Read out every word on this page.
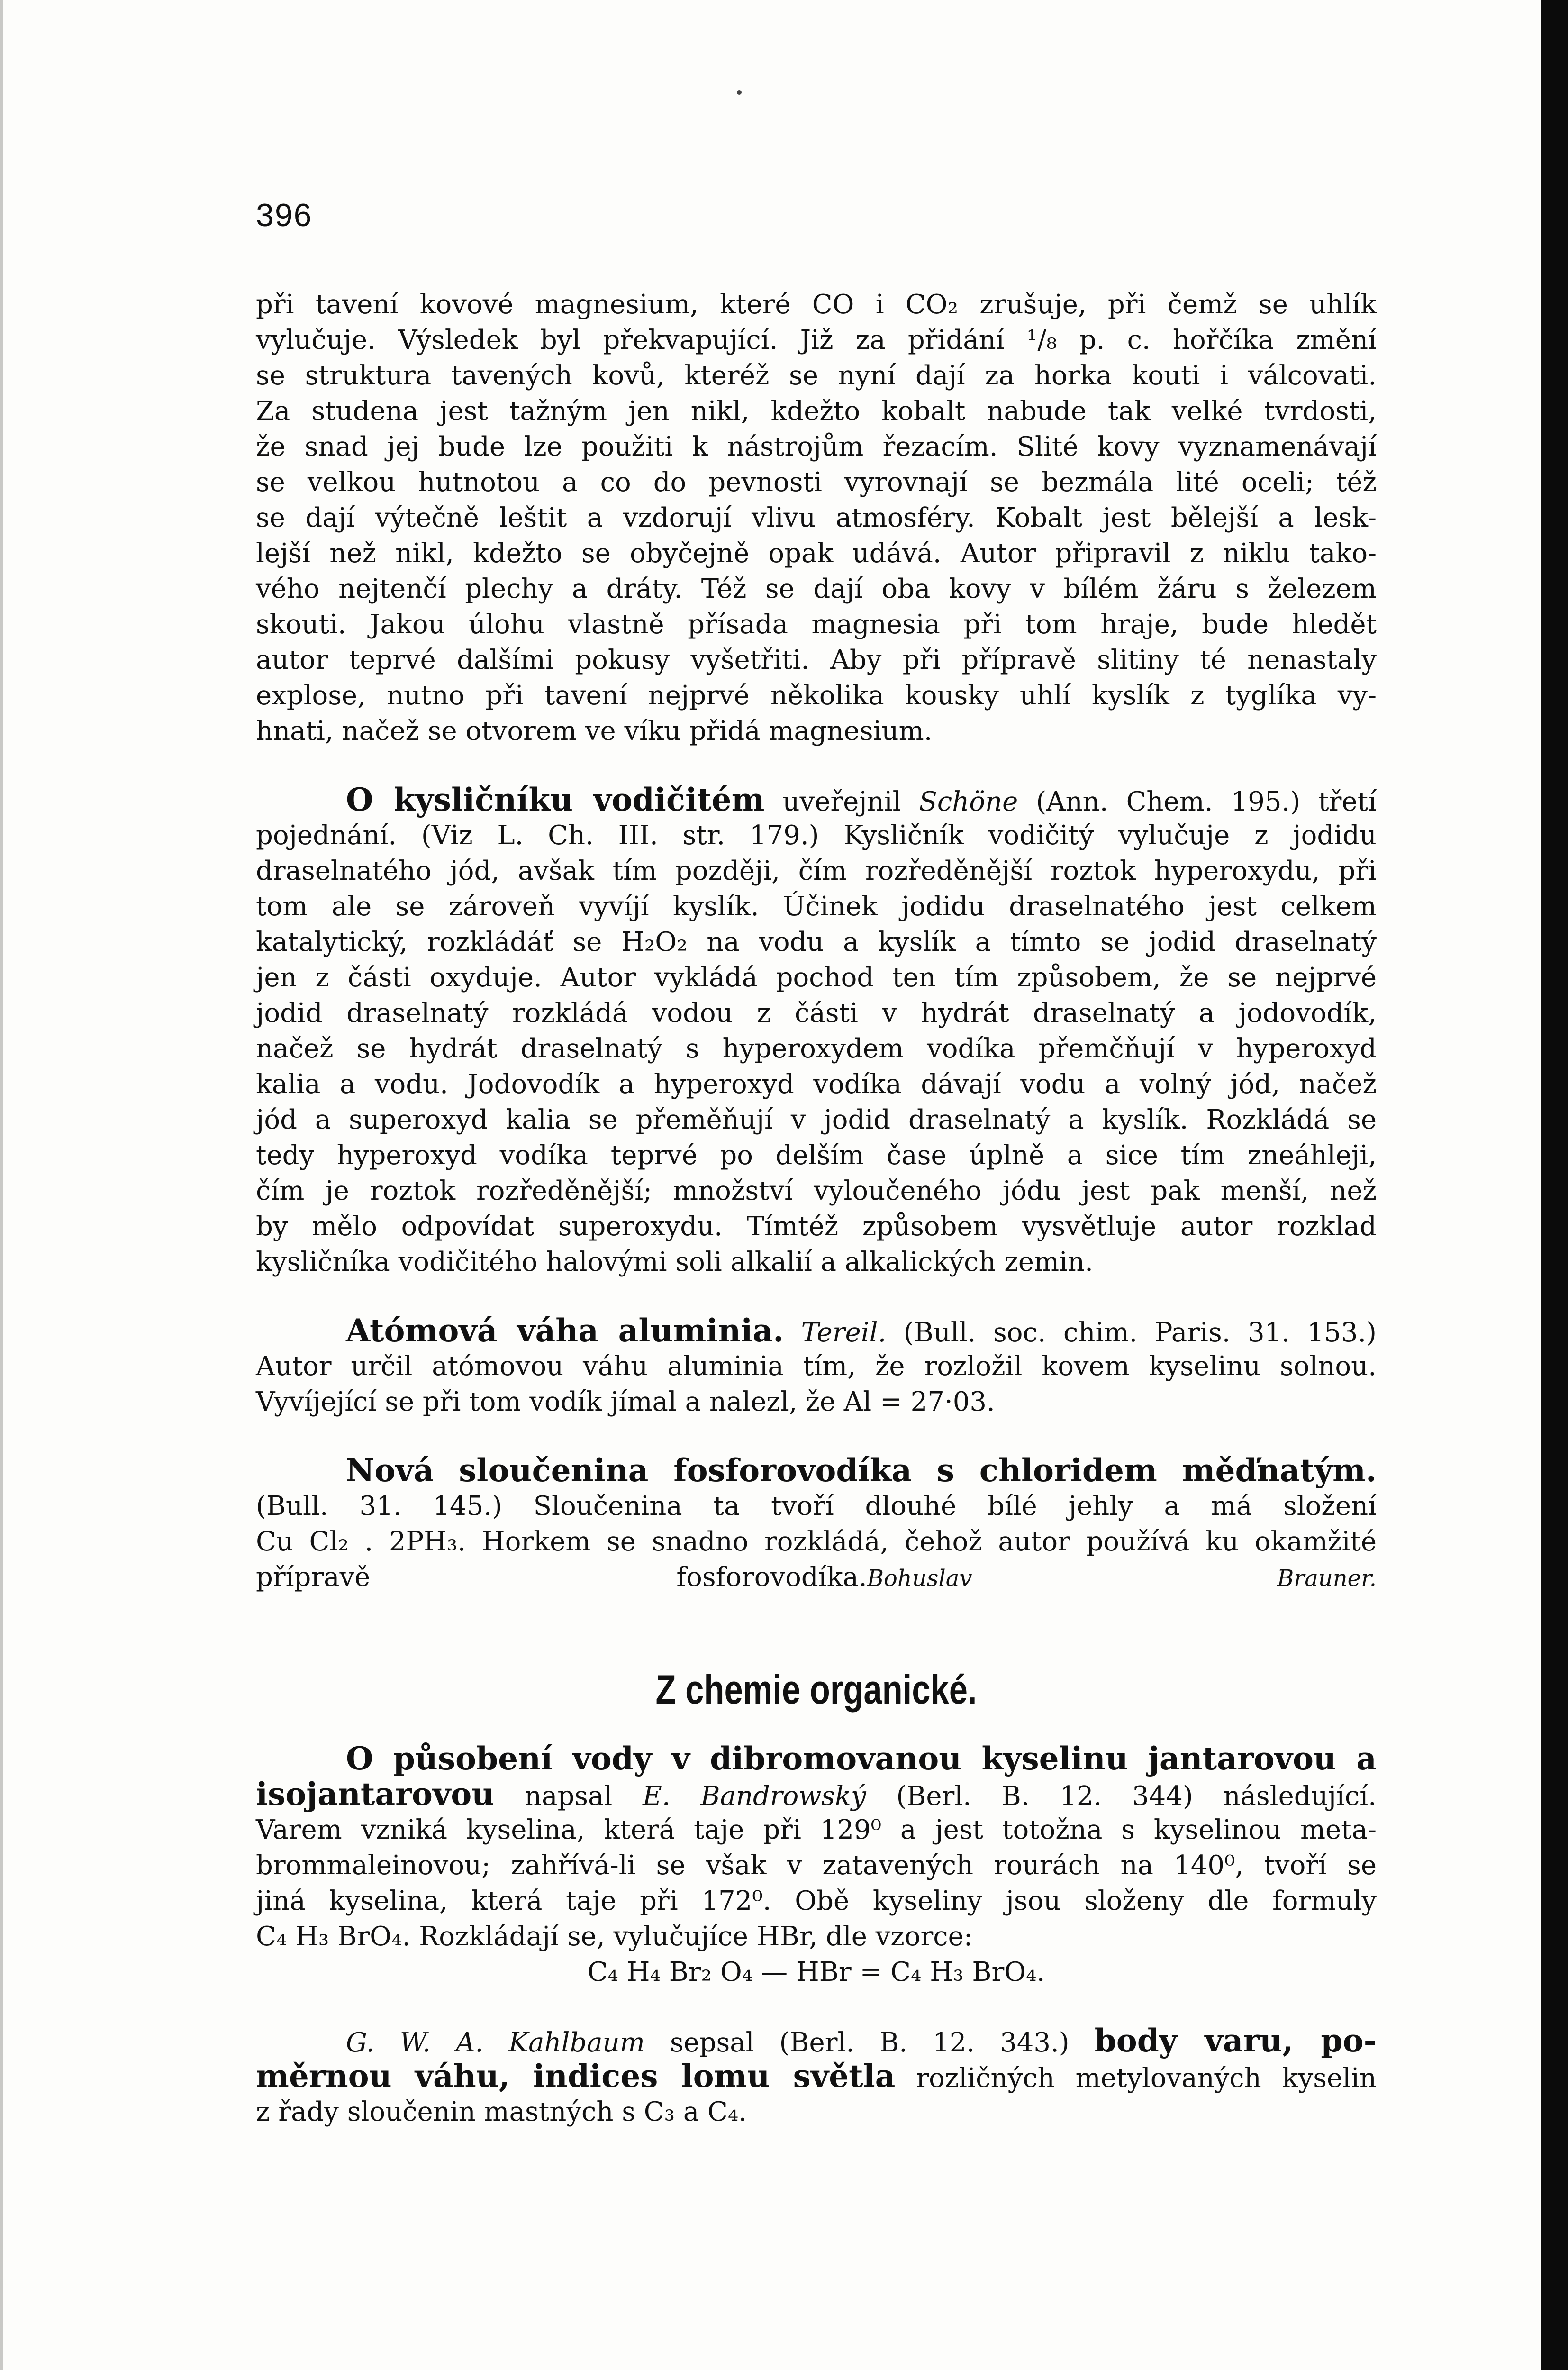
396
při tavení kovové magnesium, které CO i CO₂ zrušuje, při čemž se uhlík
vylučuje. Výsledek byl překvapující. Již za přidání ¹/₈ p. c. hořčíka změní
se struktura tavených kovů, kteréž se nyní dají za horka kouti i válcovati.
Za studena jest tažným jen nikl, kdežto kobalt nabude tak velké tvrdosti,
že snad jej bude lze použiti k nástrojům řezacím. Slité kovy vyznamenávají
se velkou hutnotou a co do pevnosti vyrovnají se bezmála lité oceli; též
se dají výtečně leštit a vzdorují vlivu atmosféry. Kobalt jest bělejší a lesk-
lejší než nikl, kdežto se obyčejně opak udává. Autor připravil z niklu tako-
vého nejtenčí plechy a dráty. Též se dají oba kovy v bílém žáru s železem
skouti. Jakou úlohu vlastně přísada magnesia při tom hraje, bude hledět
autor teprvé dalšími pokusy vyšetřiti. Aby při přípravě slitiny té nenastaly
explose, nutno při tavení nejprvé několika kousky uhlí kyslík z tyglíka vy-
hnati, načež se otvorem ve víku přidá magnesium.
O kysličníku vodičitém uveřejnil Schöne (Ann. Chem. 195.) třetí
pojednání. (Viz L. Ch. III. str. 179.) Kysličník vodičitý vylučuje z jodidu
draselnatého jód, avšak tím později, čím rozředěnější roztok hyperoxydu, při
tom ale se zároveň vyvíjí kyslík. Účinek jodidu draselnatého jest celkem
katalytický, rozkládáť se H₂O₂ na vodu a kyslík a tímto se jodid draselnatý
jen z části oxyduje. Autor vykládá pochod ten tím způsobem, že se nejprvé
jodid draselnatý rozkládá vodou z části v hydrát draselnatý a jodovodík,
načež se hydrát draselnatý s hyperoxydem vodíka přemčňují v hyperoxyd
kalia a vodu. Jodovodík a hyperoxyd vodíka dávají vodu a volný jód, načež
jód a superoxyd kalia se přeměňují v jodid draselnatý a kyslík. Rozkládá se
tedy hyperoxyd vodíka teprvé po delším čase úplně a sice tím zneáhleji,
čím je roztok rozředěnější; množství vyloučeného jódu jest pak menší, než
by mělo odpovídat superoxydu. Tímtéž způsobem vysvětluje autor rozklad
kysličníka vodičitého halovými soli alkalií a alkalických zemin.
Atómová váha aluminia. Tereil. (Bull. soc. chim. Paris. 31. 153.)
Autor určil atómovou váhu aluminia tím, že rozložil kovem kyselinu solnou.
Vyvíjející se při tom vodík jímal a nalezl, že Al = 27·03.
Nová sloučenina fosforovodíka s chloridem měďnatým.
(Bull. 31. 145.) Sloučenina ta tvoří dlouhé bílé jehly a má složení
Cu Cl₂ . 2PH₃. Horkem se snadno rozkládá, čehož autor používá ku okamžité
přípravě fosforovodíka.Bohuslav Brauner.
Z chemie organické.
O působení vody v dibromovanou kyselinu jantarovou a
isojantarovou napsal E. Bandrowský (Berl. B. 12. 344) následující.
Varem vzniká kyselina, která taje při 129⁰ a jest totožna s kyselinou meta-
brommaleinovou; zahřívá-li se však v zatavených rourách na 140⁰, tvoří se
jiná kyselina, která taje při 172⁰. Obě kyseliny jsou složeny dle formuly
C₄ H₃ BrO₄. Rozkládají se, vylučujíce HBr, dle vzorce:
C₄ H₄ Br₂ O₄ — HBr = C₄ H₃ BrO₄.
G. W. A. Kahlbaum sepsal (Berl. B. 12. 343.) body varu, po-
měrnou váhu, indices lomu světla rozličných metylovaných kyselin
z řady sloučenin mastných s C₃ a C₄.
